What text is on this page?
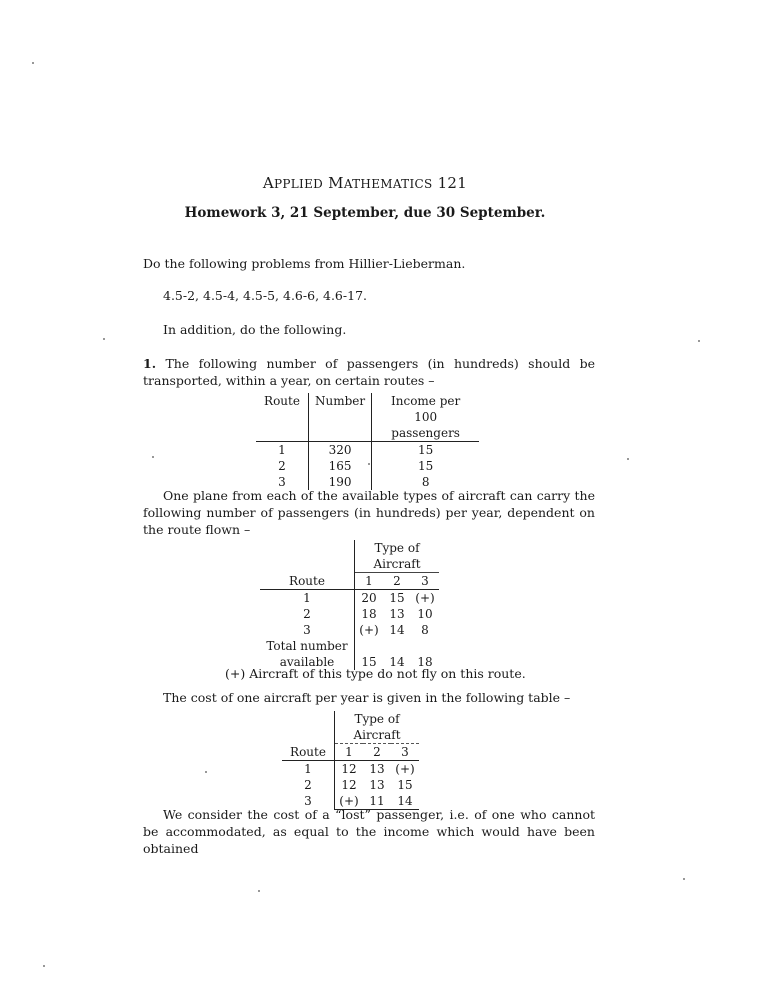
APPLIED MATHEMATICS 121
Homework 3, 21 September, due 30 September.
Do the following problems from Hillier-Lieberman.
4.5-2, 4.5-4, 4.5-5, 4.6-6, 4.6-17.
In addition, do the following.
1. The following number of passengers (in hundreds) should be transported, within a year, on certain routes –
Route	Number	Income per 100 passengers
1	320	15
2	165	15
3	190	8
One plane from each of the available types of aircraft can carry the following number of passengers (in hundreds) per year, dependent on the route flown –
	Type of Aircraft		
Route	1	2	3
1	20	15	(+)
2	18	13	10
3	(+)	14	8
Total number			
available	15	14	18
(+) Aircraft of this type do not fly on this route.
The cost of one aircraft per year is given in the following table –
	Type of Aircraft		
Route	1	2	3
1	12	13	(+)
2	12	13	15
3	(+)	11	14
We consider the cost of a “lost” passenger, i.e. of one who cannot be accommodated, as equal to the income which would have been obtained
